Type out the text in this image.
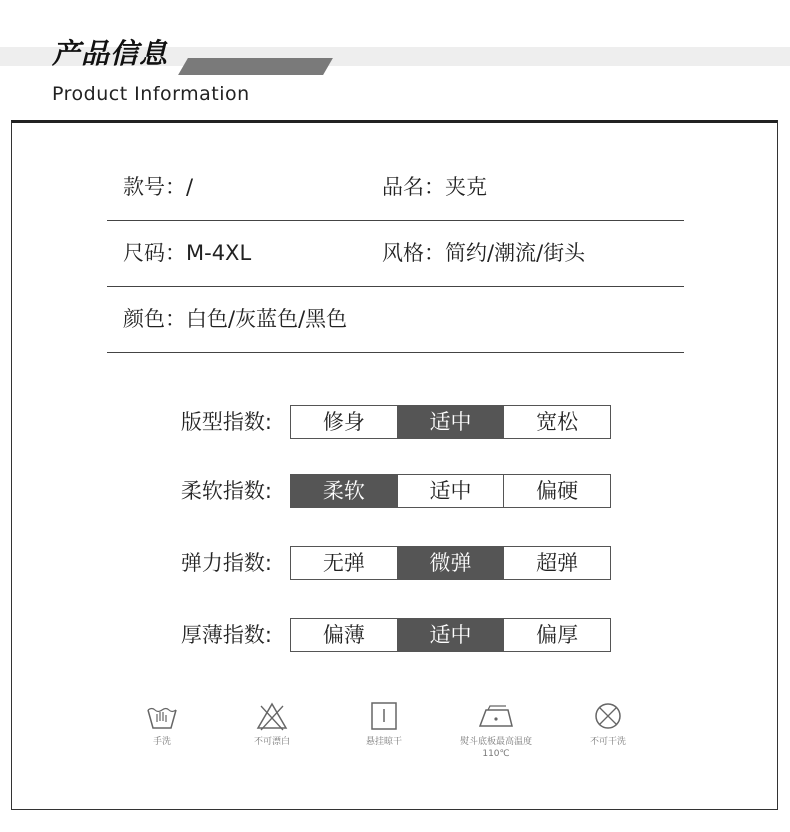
产品信息
Product Information
款号：/	品名：夹克
尺码：M-4XL	风格：简约/潮流/街头
颜色：白色/灰蓝色/黑色
版型指数:	修身	适中	宽松
柔软指数:	柔软	适中	偏硬
弹力指数:	无弹	微弹	超弹
厚薄指数:	偏薄	适中	偏厚
手洗	不可漂白	悬挂晾干	熨斗底板最高温度110℃
不可干洗
